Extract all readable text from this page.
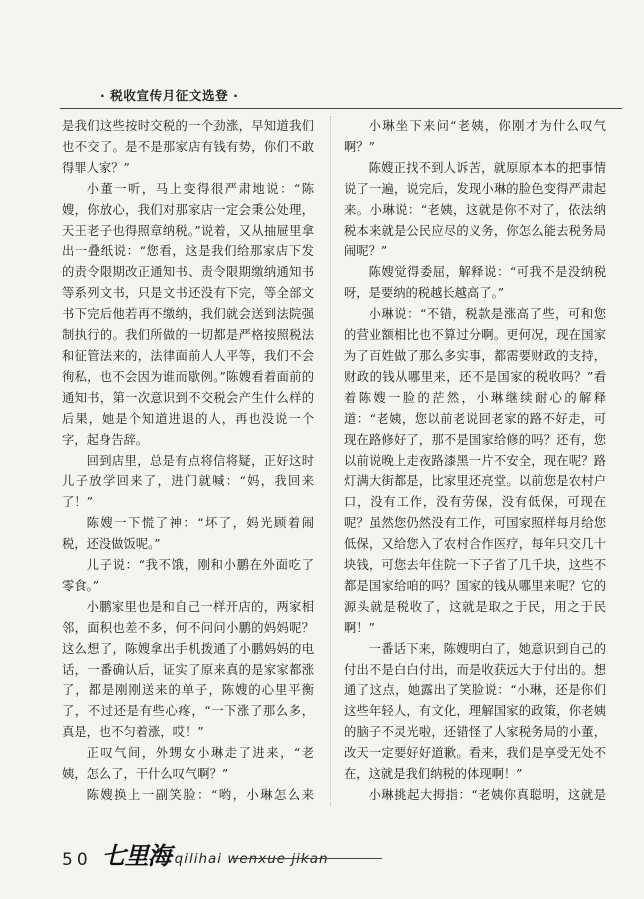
· 税收宣传月征文选登 ·

是我们这些按时交税的一个劲涨，早知道我们也不交了。是不是那家店有钱有势，你们不敢得罪人家？”

小董一听，马上变得很严肃地说：“陈嫂，你放心，我们对那家店一定会秉公处理，天王老子也得照章纳税。”说着，又从抽屉里拿出一叠纸说：“您看，这是我们给那家店下发的责令限期改正通知书、责令限期缴纳通知书等系列文书，只是文书还没有下完，等全部文书下完后他若再不缴纳，我们就会送到法院强制执行的。我们所做的一切都是严格按照税法和征管法来的，法律面前人人平等，我们不会徇私，也不会因为谁而歇例。”陈嫂看着面前的通知书，第一次意识到不交税会产生什么样的后果，她是个知道进退的人，再也没说一个字，起身告辞。

回到店里，总是有点将信将疑，正好这时儿子放学回来了，进门就喊：“妈，我回来了！”

陈嫂一下慌了神：“坏了，妈光顾着闹税，还没做饭呢。”

儿子说：“我不饿，刚和小鹏在外面吃了零食。”

小鹏家里也是和自己一样开店的，两家相邻，面积也差不多，何不问问小鹏的妈妈呢？这么想了，陈嫂拿出手机拨通了小鹏妈妈的电话，一番确认后，证实了原来真的是家家都涨了，都是刚刚送来的单子，陈嫂的心里平衡了，不过还是有些心疼，“一下涨了那么多，真是，也不匀着涨，哎！”

正叹气间，外甥女小琳走了进来，“老姨，怎么了，干什么叹气啊？”

陈嫂换上一副笑脸：“哟，小琳怎么来

小琳坐下来问“老姨，你刚才为什么叹气啊？”

陈嫂正找不到人诉苦，就原原本本的把事情说了一遍，说完后，发现小琳的脸色变得严肃起来。小琳说：“老姨，这就是你不对了，依法纳税本来就是公民应尽的义务，你怎么能去税务局闹呢？”

陈嫂觉得委屈，解释说：“可我不是没纳税呀，是要纳的税越长越高了。”

小琳说：“不错，税款是涨高了些，可和您的营业额相比也不算过分啊。更何况，现在国家为了百姓做了那么多实事，都需要财政的支持，财政的钱从哪里来，还不是国家的税收吗？”看着陈嫂一脸的茫然，小琳继续耐心的解释道：“老姨，您以前老说回老家的路不好走，可现在路修好了，那不是国家给修的吗？还有，您以前说晚上走夜路漆黑一片不安全，现在呢？路灯满大街都是，比家里还亮堂。以前您是农村户口，没有工作，没有劳保，没有低保，可现在呢？虽然您仍然没有工作，可国家照样每月给您低保，又给您入了农村合作医疗，每年只交几十块钱，可您去年住院一下子省了几千块，这些不都是国家给咱的吗？国家的钱从哪里来呢？它的源头就是税收了，这就是取之于民，用之于民啊！”

一番话下来，陈嫂明白了，她意识到自己的付出不是白白付出，而是收获远大于付出的。想通了这点，她露出了笑脸说：“小琳，还是你们这些年轻人，有文化，理解国家的政策，你老姨的脑子不灵光啦，还错怪了人家税务局的小董，改天一定要好好道歉。看来，我们是享受无处不在，这就是我们纳税的体现啊！”

小琳挑起大拇指：“老姨你真聪明，这就是

50 七里海 qilihai wenxue jikan
